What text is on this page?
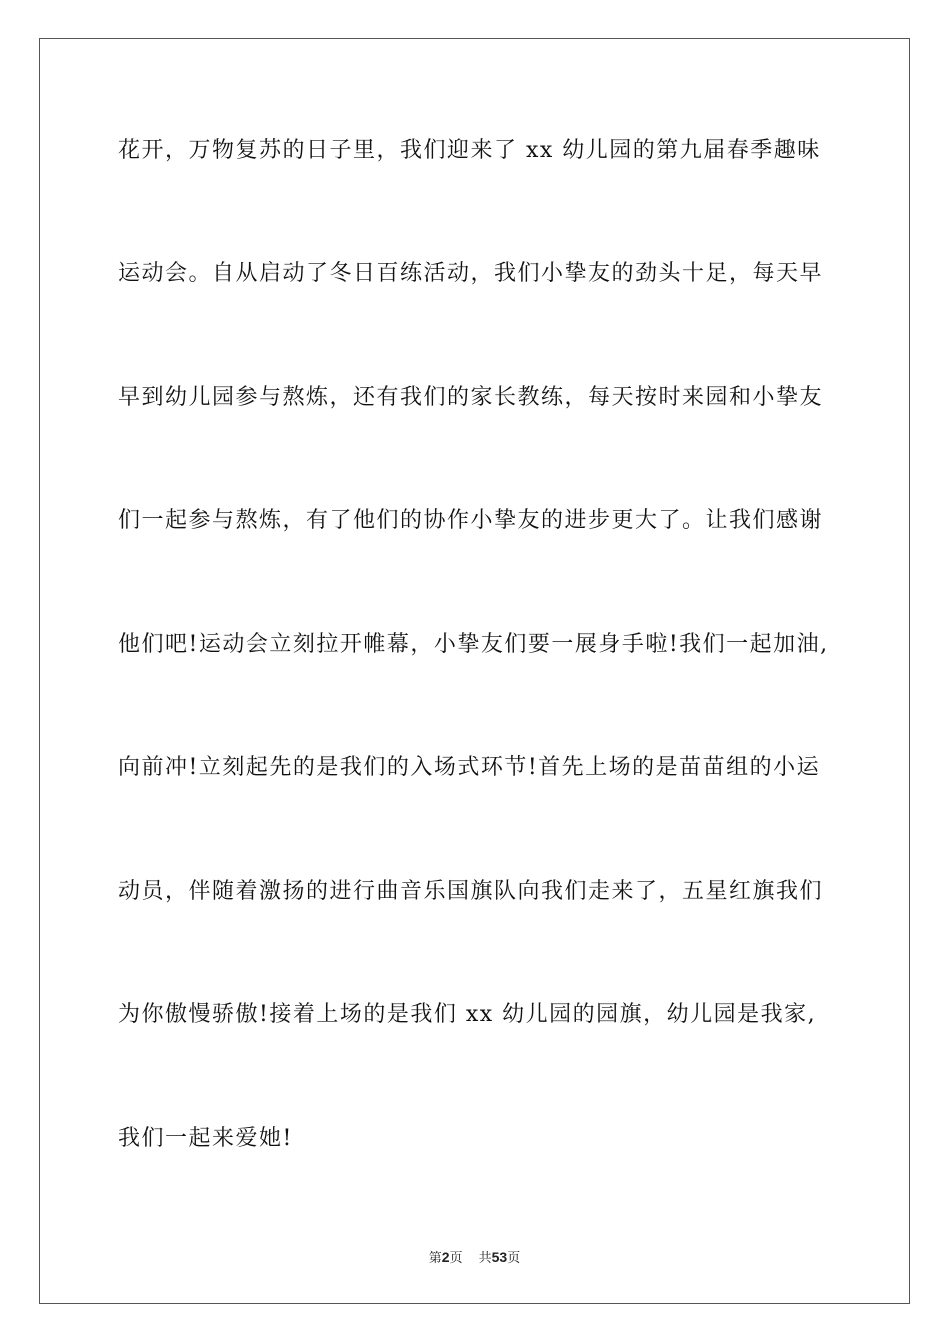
花开，万物复苏的日子里，我们迎来了 xx 幼儿园的第九届春季趣味
运动会。自从启动了冬日百练活动，我们小挚友的劲头十足，每天早
早到幼儿园参与熬炼，还有我们的家长教练，每天按时来园和小挚友
们一起参与熬炼，有了他们的协作小挚友的进步更大了。让我们感谢
他们吧!运动会立刻拉开帷幕，小挚友们要一展身手啦!我们一起加油,
向前冲!立刻起先的是我们的入场式环节!首先上场的是苗苗组的小运
动员，伴随着激扬的进行曲音乐国旗队向我们走来了，五星红旗我们
为你傲慢骄傲!接着上场的是我们 xx 幼儿园的园旗，幼儿园是我家,
我们一起来爱她!
第2页 共53页
